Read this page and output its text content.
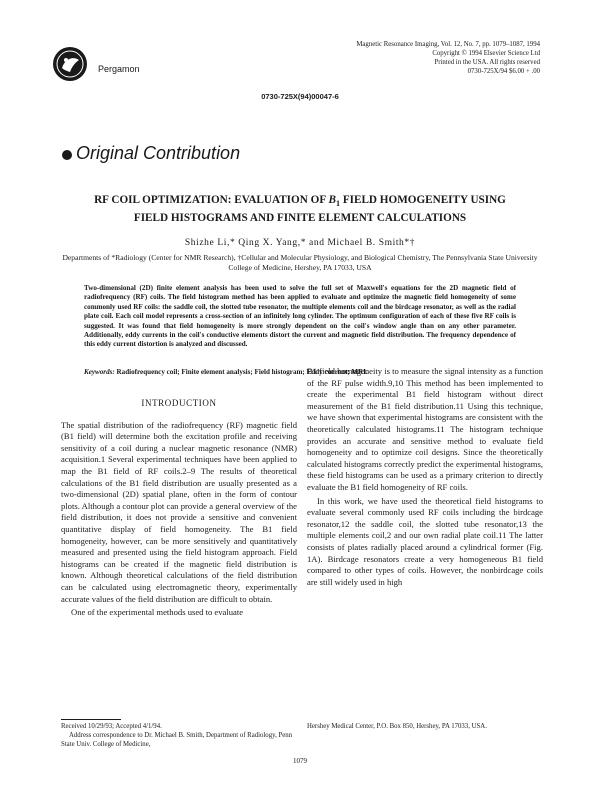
Pergamon
Magnetic Resonance Imaging, Vol. 12, No. 7, pp. 1079–1087, 1994
Copyright © 1994 Elsevier Science Ltd
Printed in the USA. All rights reserved
0730-725X/94 $6.00 + .00
0730-725X(94)00047-6
Original Contribution
RF COIL OPTIMIZATION: EVALUATION OF $B_1$ FIELD HOMOGENEITY USING FIELD HISTOGRAMS AND FINITE ELEMENT CALCULATIONS
Shizhe Li,* Qing X. Yang,* and Michael B. Smith*†
Departments of *Radiology (Center for NMR Research), †Cellular and Molecular Physiology, and Biological Chemistry, The Pennsylvania State University College of Medicine, Hershey, PA 17033, USA
Two-dimensional (2D) finite element analysis has been used to solve the full set of Maxwell's equations for the 2D magnetic field of radiofrequency (RF) coils. The field histogram method has been applied to evaluate and optimize the magnetic field homogeneity of some commonly used RF coils: the saddle coil, the slotted tube resonator, the multiple elements coil and the birdcage resonator, as well as the radial plate coil. Each coil model represents a cross-section of an infinitely long cylinder. The optimum configuration of each of these five RF coils is suggested. It was found that field homogeneity is more strongly dependent on the coil's window angle than on any other parameter. Additionally, eddy currents in the coil's conductive elements distort the current and magnetic field distribution. The frequency dependence of this eddy current distortion is analyzed and discussed.
Keywords: Radiofrequency coil; Finite element analysis; Field histogram; Eddy current; MRI.
INTRODUCTION

The spatial distribution of the radiofrequency (RF) magnetic field (B1 field) will determine both the excitation profile and receiving sensitivity of a coil during a nuclear magnetic resonance (NMR) acquisition.1 Several experimental techniques have been applied to map the B1 field of RF coils.2–9 The results of theoretical calculations of the B1 field distribution are usually presented as a two-dimensional (2D) spatial plane, often in the form of contour plots. Although a contour plot can provide a general overview of the field distribution, it does not provide a sensitive and convenient quantitative display of field homogeneity. The B1 field homogeneity, however, can be more sensitively and quantitatively measured and presented using the field histogram approach. Field histograms can be created if the magnetic field distribution is known. Although theoretical calculations of the field distribution can be calculated using electromagnetic theory, experimentally accurate values of the field distribution are difficult to obtain.

One of the experimental methods used to evaluate

B1 field homogeneity is to measure the signal intensity as a function of the RF pulse width.9,10 This method has been implemented to create the experimental B1 field histogram without direct measurement of the B1 field distribution.11 Using this technique, we have shown that experimental histograms are consistent with the theoretically calculated histograms.11 The histogram technique provides an accurate and sensitive method to evaluate field homogeneity and to optimize coil designs. Since the theoretically calculated histograms correctly predict the experimental histograms, these field histograms can be used as a primary criterion to directly evaluate the B1 field homogeneity of RF coils.

In this work, we have used the theoretical field histograms to evaluate several commonly used RF coils including the birdcage resonator,12 the saddle coil, the slotted tube resonator,13 the multiple elements coil,2 and our own radial plate coil.11 The latter consists of plates radially placed around a cylindrical former (Fig. 1A). Birdcage resonators create a very homogeneous B1 field compared to other types of coils. However, the nonbirdcage coils are still widely used in high

Received 10/29/93; Accepted 4/1/94.
Address correspondence to Dr. Michael B. Smith, Department of Radiology, Penn State Univ. College of Medicine,
Hershey Medical Center, P.O. Box 850, Hershey, PA 17033, USA.
1079
